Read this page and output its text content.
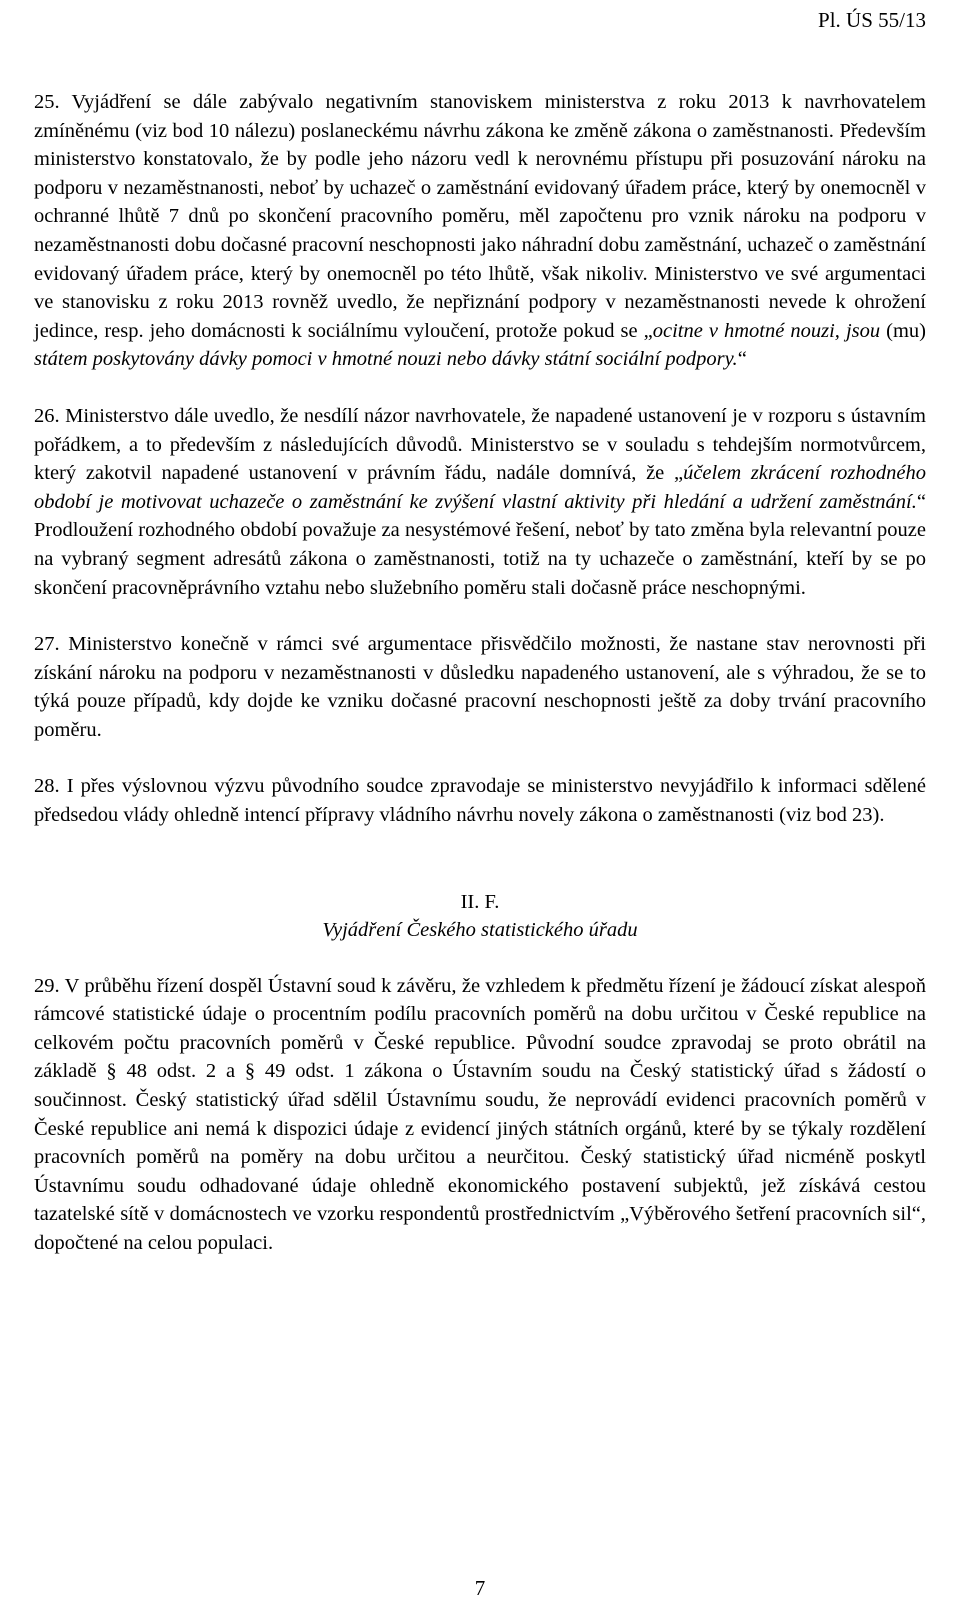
Pl. ÚS 55/13

25. Vyjádření se dále zabývalo negativním stanoviskem ministerstva z roku 2013 k navrhovatelem zmíněnému (viz bod 10 nálezu) poslaneckému návrhu zákona ke změně zákona o zaměstnanosti. Především ministerstvo konstatovalo, že by podle jeho názoru vedl k nerovnému přístupu při posuzování nároku na podporu v nezaměstnanosti, neboť by uchazeč o zaměstnání evidovaný úřadem práce, který by onemocněl v ochranné lhůtě 7 dnů po skončení pracovního poměru, měl započtenu pro vznik nároku na podporu v nezaměstnanosti dobu dočasné pracovní neschopnosti jako náhradní dobu zaměstnání, uchazeč o zaměstnání evidovaný úřadem práce, který by onemocněl po této lhůtě, však nikoliv. Ministerstvo ve své argumentaci ve stanovisku z roku 2013 rovněž uvedlo, že nepřiznání podpory v nezaměstnanosti nevede k ohrožení jedince, resp. jeho domácnosti k sociálnímu vyloučení, protože pokud se „ocitne v hmotné nouzi, jsou (mu) státem poskytovány dávky pomoci v hmotné nouzi nebo dávky státní sociální podpory.“

26. Ministerstvo dále uvedlo, že nesdílí názor navrhovatele, že napadené ustanovení je v rozporu s ústavním pořádkem, a to především z následujících důvodů. Ministerstvo se v souladu s tehdejším normotvůrcem, který zakotvil napadené ustanovení v právním řádu, nadále domnívá, že „účelem zkrácení rozhodného období je motivovat uchazeče o zaměstnání ke zvýšení vlastní aktivity při hledání a udržení zaměstnání.“ Prodloužení rozhodného období považuje za nesystémové řešení, neboť by tato změna byla relevantní pouze na vybraný segment adresátů zákona o zaměstnanosti, totiž na ty uchazeče o zaměstnání, kteří by se po skončení pracovněprávního vztahu nebo služebního poměru stali dočasně práce neschopnými.

27. Ministerstvo konečně v rámci své argumentace přisvědčilo možnosti, že nastane stav nerovnosti při získání nároku na podporu v nezaměstnanosti v důsledku napadeného ustanovení, ale s výhradou, že se to týká pouze případů, kdy dojde ke vzniku dočasné pracovní neschopnosti ještě za doby trvání pracovního poměru.

28. I přes výslovnou výzvu původního soudce zpravodaje se ministerstvo nevyjádřilo k informaci sdělené předsedou vlády ohledně intencí přípravy vládního návrhu novely zákona o zaměstnanosti (viz bod 23).

II. F.
Vyjádření Českého statistického úřadu

29. V průběhu řízení dospěl Ústavní soud k závěru, že vzhledem k předmětu řízení je žádoucí získat alespoň rámcové statistické údaje o procentním podílu pracovních poměrů na dobu určitou v České republice na celkovém počtu pracovních poměrů v České republice. Původní soudce zpravodaj se proto obrátil na základě § 48 odst. 2 a § 49 odst. 1 zákona o Ústavním soudu na Český statistický úřad s žádostí o součinnost. Český statistický úřad sdělil Ústavnímu soudu, že neprovádí evidenci pracovních poměrů v České republice ani nemá k dispozici údaje z evidencí jiných státních orgánů, které by se týkaly rozdělení pracovních poměrů na poměry na dobu určitou a neurčitou. Český statistický úřad nicméně poskytl Ústavnímu soudu odhadované údaje ohledně ekonomického postavení subjektů, jež získává cestou tazatelské sítě v domácnostech ve vzorku respondentů prostřednictvím „Výběrového šetření pracovních sil“, dopočtené na celou populaci.

7
